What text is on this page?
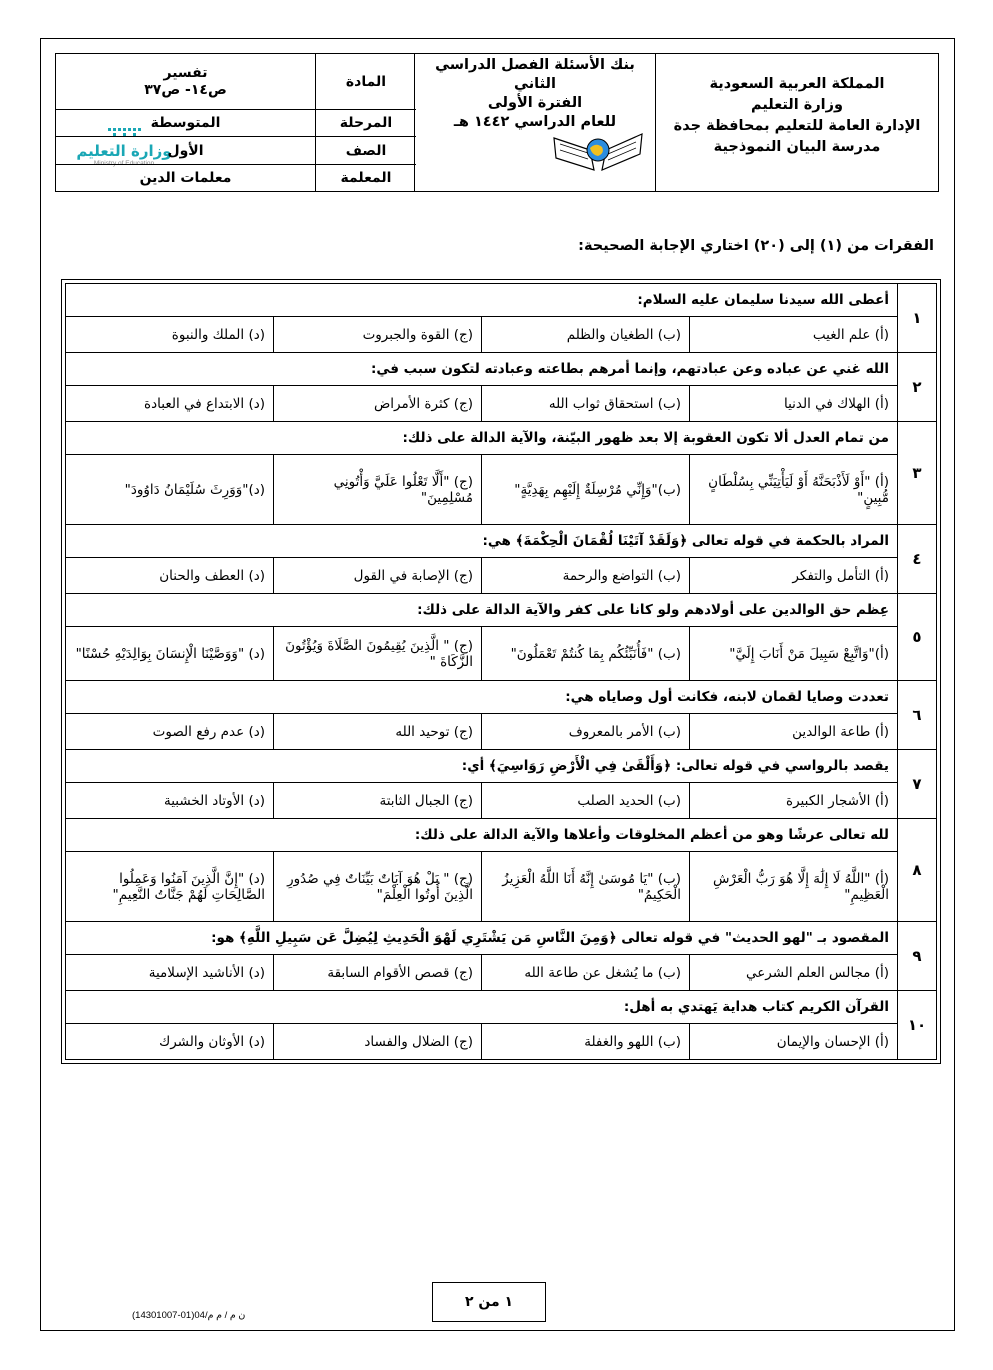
المملكة العربية السعودية
وزارة التعليم
الإدارة العامة للتعليم بمحافظة جدة
مدرسة البيان النموذجية
بنك الأسئلة الفصل الدراسي الثاني
الفترة الأولى
للعام الدراسي ١٤٤٢ هـ
وزارة التعليم
Ministry of Education
المادة	تفسير
ص١٤- ص٣٧

المرحلة	المتوسطة
الصف	الأول
المعلمة	معلمات الدين
الفقرات من (١) إلى (٢٠) اختاري الإجابة الصحيحة:
١	أعطى الله سيدنا سليمان عليه السلام:			
	(أ) علم الغيب	(ب) الطغيان والظلم	(ج) القوة والجبروت	(د) الملك والنبوة
٢	الله غني عن عباده وعن عبادتهم، وإنما أمرهم بطاعته وعبادته لتكون سبب في:			
	(أ) الهلاك في الدنيا	(ب) استحقاق ثواب الله	(ج) كثرة الأمراض	(د) الابتداع في العبادة
٣	من تمام العدل ألا تكون العقوبة إلا بعد ظهور البيّنة، والآية الدالة على ذلك:			
	(أ) "أَوْ لَأَذْبَحَنَّهُ أَوْ لَيَأْتِيَنِّي بِسُلْطَانٍ مُّبِينٍ"	(ب)"وَإِنِّي مُرْسِلَةٌ إِلَيْهِم بِهَدِيَّةٍ"	(ج) "أَلَّا تَعْلُوا عَلَيَّ وَأْتُونِي مُسْلِمِينَ"	(د)"وَوَرِثَ سُلَيْمَانُ دَاوُودَ"
٤	المراد بالحكمة في قوله تعالى ﴿وَلَقَدْ آتَيْنَا لُقْمَانَ الْحِكْمَةَ﴾ هي:			
	(أ) التأمل والتفكر	(ب) التواضع والرحمة	(ج) الإصابة في القول	(د) العطف والحنان
٥	عِظم حق الوالدين على أولادهم ولو كانا على كفر والآية الدالة على ذلك:			
	(أ)"وَاتَّبِعْ سَبِيلَ مَنْ أَنَابَ إِلَيَّ"	(ب) "فَأُنَبِّئُكُم بِمَا كُنتُمْ تَعْمَلُونَ"	(ج) " الَّذِينَ يُقِيمُونَ الصَّلَاةَ وَيُؤْتُونَ الزَّكَاةَ "	(د) "وَوَصَّيْنَا الْإِنسَانَ بِوَالِدَيْهِ حُسْنًا"
٦	تعددت وصايا لقمان لابنه، فكانت أول وصاياه هي:			
	(أ) طاعة الوالدين	(ب) الأمر بالمعروف	(ج) توحيد الله	(د) عدم رفع الصوت
٧	يقصد بالرواسي في قوله تعالى: ﴿وَأَلْقَىٰ فِي الْأَرْضِ رَوَاسِيَ﴾ أي:			
	(أ) الأشجار الكبيرة	(ب) الحديد الصلب	(ج) الجبال الثابتة	(د) الأوتاد الخشبية
٨	لله تعالى عرشًا وهو من أعظم المخلوقات وأعلاها والآية الدالة على ذلك:			
	(أ) "اللَّهُ لَا إِلَٰهَ إِلَّا هُوَ رَبُّ الْعَرْشِ الْعَظِيمِ"	(ب) "يَا مُوسَىٰ إِنَّهُ أَنَا اللَّهُ الْعَزِيزُ الْحَكِيمُ"	(ج) " بَلْ هُوَ آيَاتٌ بَيِّنَاتٌ فِي صُدُورِ الَّذِينَ أُوتُوا الْعِلْمَ"	(د) "إِنَّ الَّذِينَ آمَنُوا وَعَمِلُوا الصَّالِحَاتِ لَهُمْ جَنَّاتُ النَّعِيمِ"
٩	المقصود بـ "لهو الحديث" في قوله تعالى ﴿وَمِنَ النَّاسِ مَن يَشْتَرِي لَهْوَ الْحَدِيثِ لِيُضِلَّ عَن سَبِيلِ اللَّهِ﴾ هو:			
	(أ) مجالس العلم الشرعي	(ب) ما يُشغل عن طاعة الله	(ج) قصص الأقوام السابقة	(د) الأناشيد الإسلامية
١٠	القرآن الكريم كتاب هداية يَهتدي به أهل:			
	(أ) الإحسان والإيمان	(ب) اللهو والغفلة	(ج) الضلال والفساد	(د) الأوثان والشرك
١ من ٢
ن م / م م/04(01-14301007)
